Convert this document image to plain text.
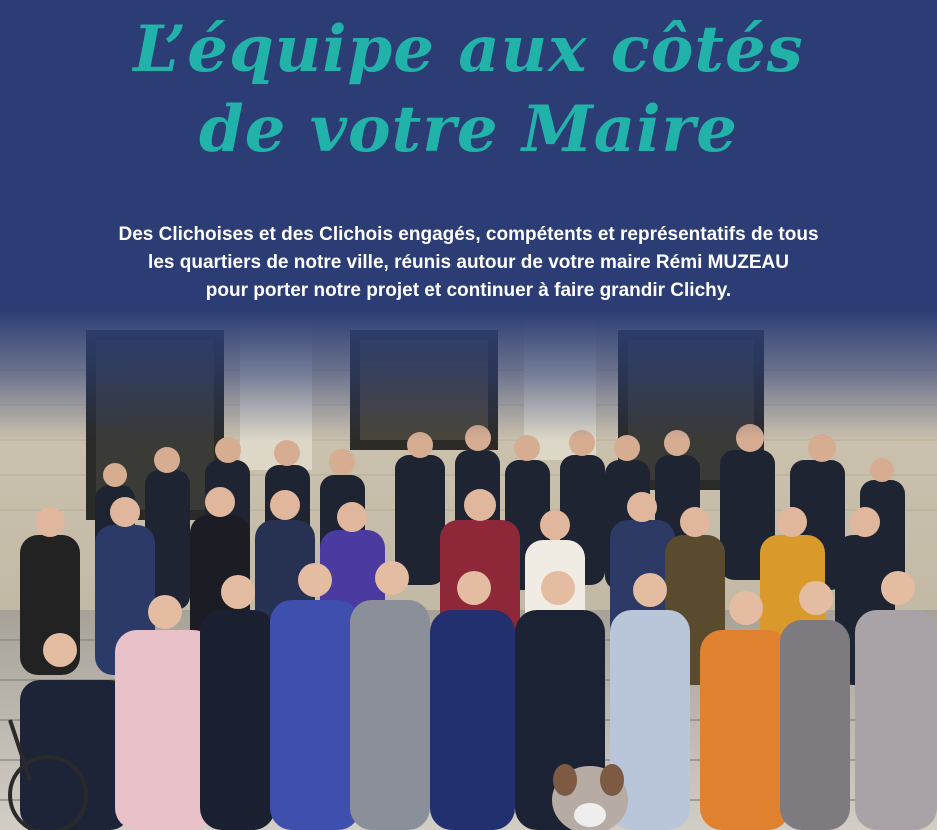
L’équipe aux côtés
de votre Maire

Des Clichoises et des Clichois engagés, compétents et représentatifs de tous
les quartiers de notre ville, réunis autour de votre maire Rémi MUZEAU
pour porter notre projet et continuer à faire grandir Clichy.
